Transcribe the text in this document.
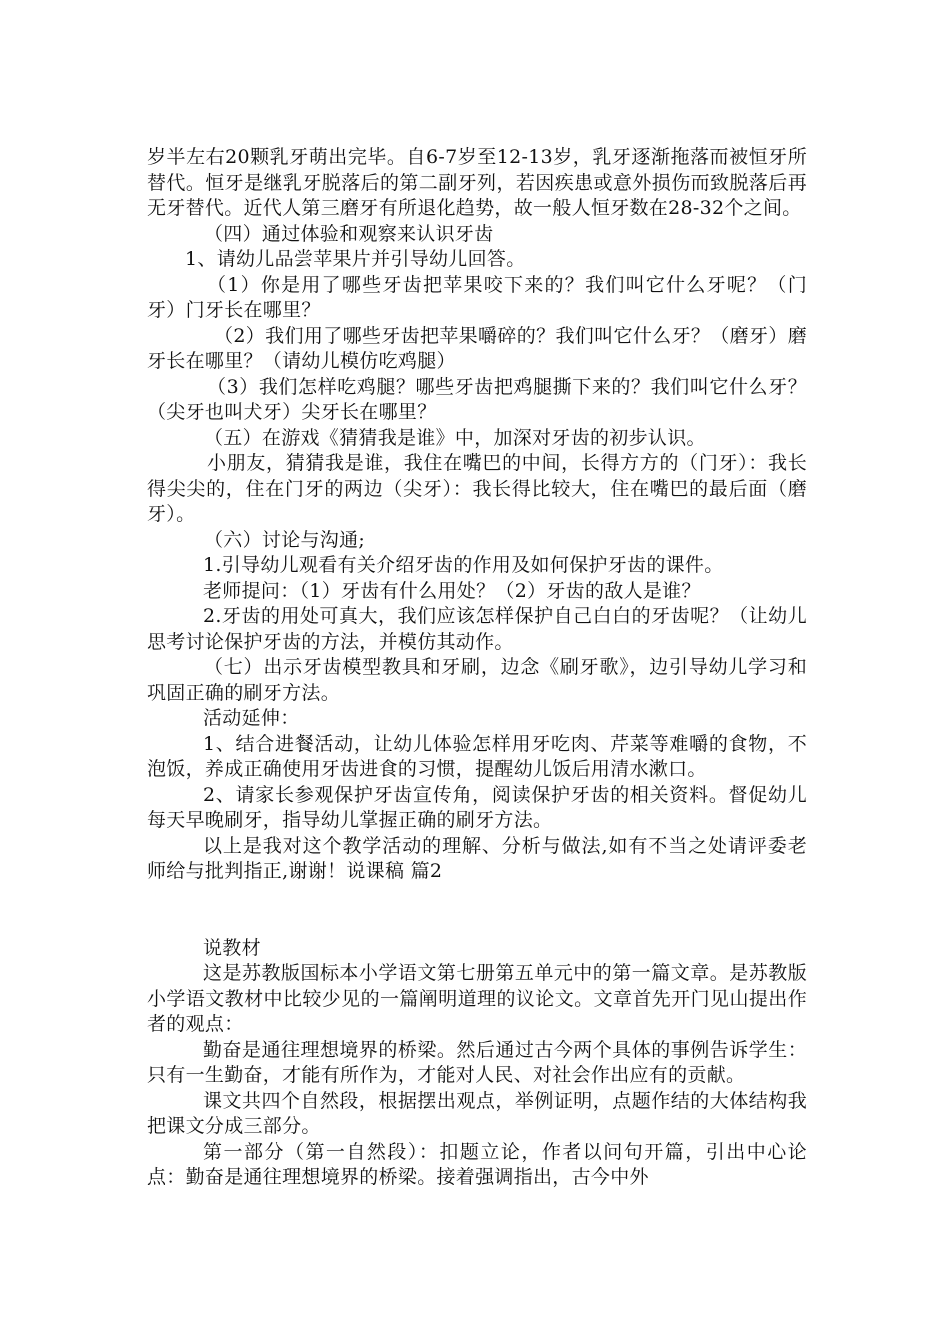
岁半左右20颗乳牙萌出完毕。自6-7岁至12-13岁，乳牙逐渐拖落而被恒牙所替代。恒牙是继乳牙脱落后的第二副牙列，若因疾患或意外损伤而致脱落后再无牙替代。近代人第三磨牙有所退化趋势，故一般人恒牙数在28-32个之间。

（四）通过体验和观察来认识牙齿

1、请幼儿品尝苹果片并引导幼儿回答。

（1）你是用了哪些牙齿把苹果咬下来的？我们叫它什么牙呢？（门牙）门牙长在哪里？

（2）我们用了哪些牙齿把苹果嚼碎的？我们叫它什么牙？（磨牙）磨牙长在哪里？（请幼儿模仿吃鸡腿）

（3）我们怎样吃鸡腿？哪些牙齿把鸡腿撕下来的？我们叫它什么牙？（尖牙也叫犬牙）尖牙长在哪里？

（五）在游戏《猜猜我是谁》中，加深对牙齿的初步认识。

小朋友，猜猜我是谁，我住在嘴巴的中间，长得方方的（门牙）：我长得尖尖的，住在门牙的两边（尖牙）：我长得比较大，住在嘴巴的最后面（磨牙）。

（六）讨论与沟通;

1.引导幼儿观看有关介绍牙齿的作用及如何保护牙齿的课件。

老师提问：（1）牙齿有什么用处？（2）牙齿的敌人是谁？

2.牙齿的用处可真大，我们应该怎样保护自己白白的牙齿呢？（让幼儿思考讨论保护牙齿的方法，并模仿其动作。

（七）出示牙齿模型教具和牙刷，边念《刷牙歌》，边引导幼儿学习和巩固正确的刷牙方法。

活动延伸：

1、结合进餐活动，让幼儿体验怎样用牙吃肉、芹菜等难嚼的食物，不泡饭，养成正确使用牙齿进食的习惯，提醒幼儿饭后用清水漱口。

2、请家长参观保护牙齿宣传角，阅读保护牙齿的相关资料。督促幼儿每天早晚刷牙，指导幼儿掌握正确的刷牙方法。

以上是我对这个教学活动的理解、分析与做法,如有不当之处请评委老师给与批判指正,谢谢！说课稿 篇2

说教材

这是苏教版国标本小学语文第七册第五单元中的第一篇文章。是苏教版小学语文教材中比较少见的一篇阐明道理的议论文。文章首先开门见山提出作者的观点：

勤奋是通往理想境界的桥梁。然后通过古今两个具体的事例告诉学生：只有一生勤奋，才能有所作为，才能对人民、对社会作出应有的贡献。

课文共四个自然段，根据摆出观点，举例证明，点题作结的大体结构我把课文分成三部分。

第一部分（第一自然段）：扣题立论，作者以问句开篇，引出中心论点：勤奋是通往理想境界的桥梁。接着强调指出，古今中外
